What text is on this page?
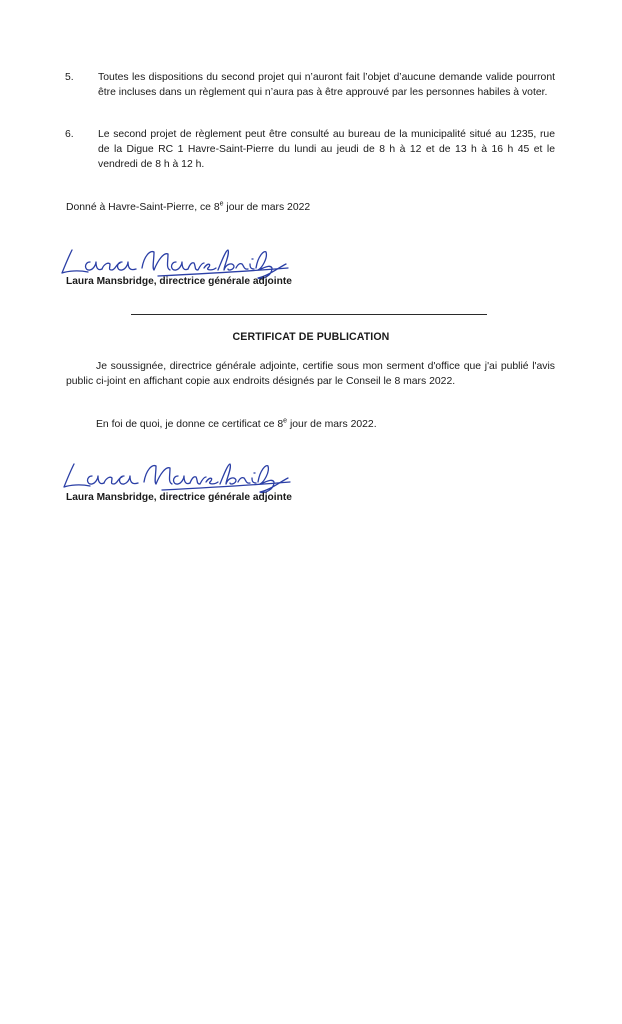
5. Toutes les dispositions du second projet qui n’auront fait l’objet d’aucune demande valide pourront être incluses dans un règlement qui n’aura pas à être approuvé par les personnes habiles à voter.
6. Le second projet de règlement peut être consulté au bureau de la municipalité situé au 1235, rue de la Digue RC 1 Havre-Saint-Pierre du lundi au jeudi de 8 h à 12 et de 13 h à 16 h 45 et le vendredi de 8 h à 12 h.
Donné à Havre-Saint-Pierre, ce 8e jour de mars 2022
Laura Mansbridge, directrice générale adjointe
CERTIFICAT DE PUBLICATION
Je soussignée, directrice générale adjointe, certifie sous mon serment d'office que j'ai publié l'avis public ci-joint en affichant copie aux endroits désignés par le Conseil le 8 mars 2022.
En foi de quoi, je donne ce certificat ce 8e jour de mars 2022.
Laura Mansbridge, directrice générale adjointe
